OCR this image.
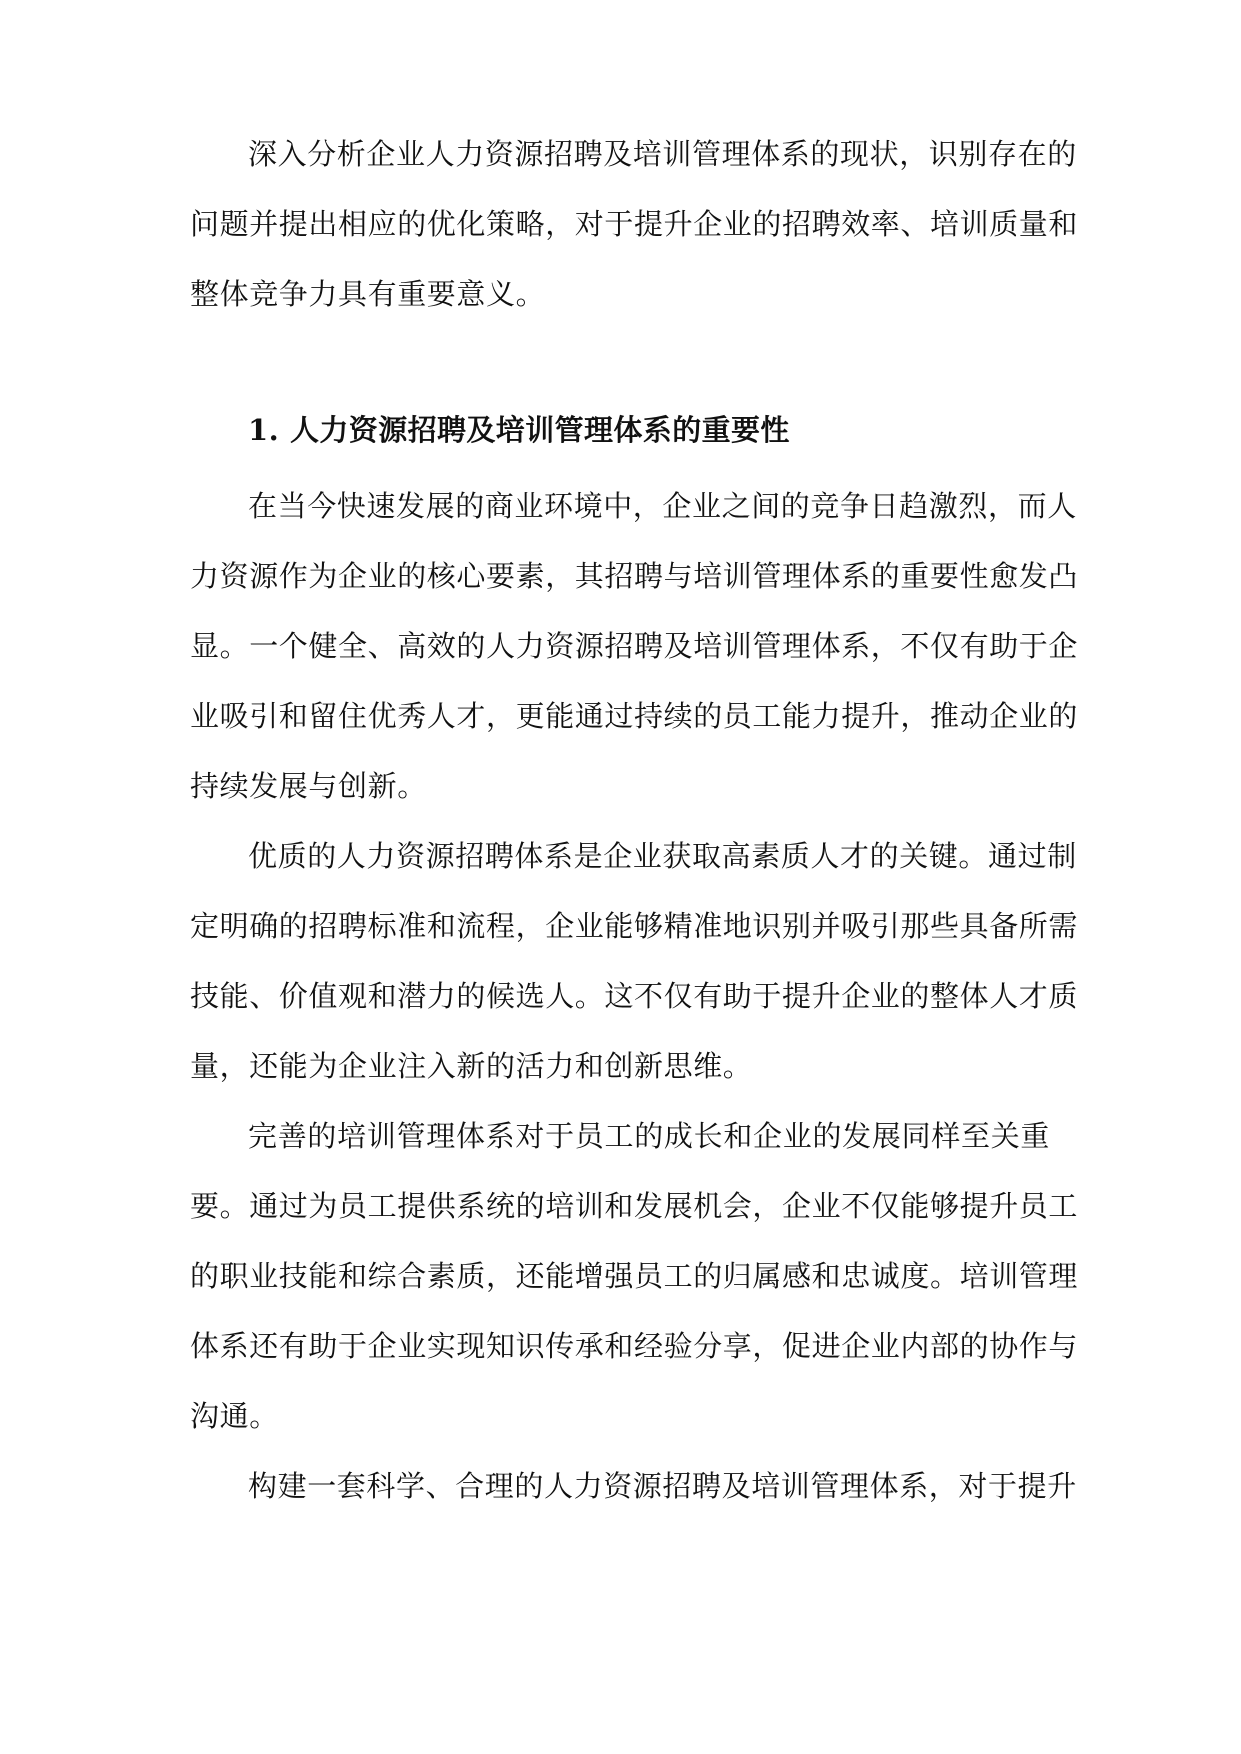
深入分析企业人力资源招聘及培训管理体系的现状，识别存在的
问题并提出相应的优化策略，对于提升企业的招聘效率、培训质量和
整体竞争力具有重要意义。
1. 人力资源招聘及培训管理体系的重要性
在当今快速发展的商业环境中，企业之间的竞争日趋激烈，而人
力资源作为企业的核心要素，其招聘与培训管理体系的重要性愈发凸
显。一个健全、高效的人力资源招聘及培训管理体系，不仅有助于企
业吸引和留住优秀人才，更能通过持续的员工能力提升，推动企业的
持续发展与创新。
优质的人力资源招聘体系是企业获取高素质人才的关键。通过制
定明确的招聘标准和流程，企业能够精准地识别并吸引那些具备所需
技能、价值观和潜力的候选人。这不仅有助于提升企业的整体人才质
量，还能为企业注入新的活力和创新思维。
完善的培训管理体系对于员工的成长和企业的发展同样至关重
要。通过为员工提供系统的培训和发展机会，企业不仅能够提升员工
的职业技能和综合素质，还能增强员工的归属感和忠诚度。培训管理
体系还有助于企业实现知识传承和经验分享，促进企业内部的协作与
沟通。
构建一套科学、合理的人力资源招聘及培训管理体系，对于提升
